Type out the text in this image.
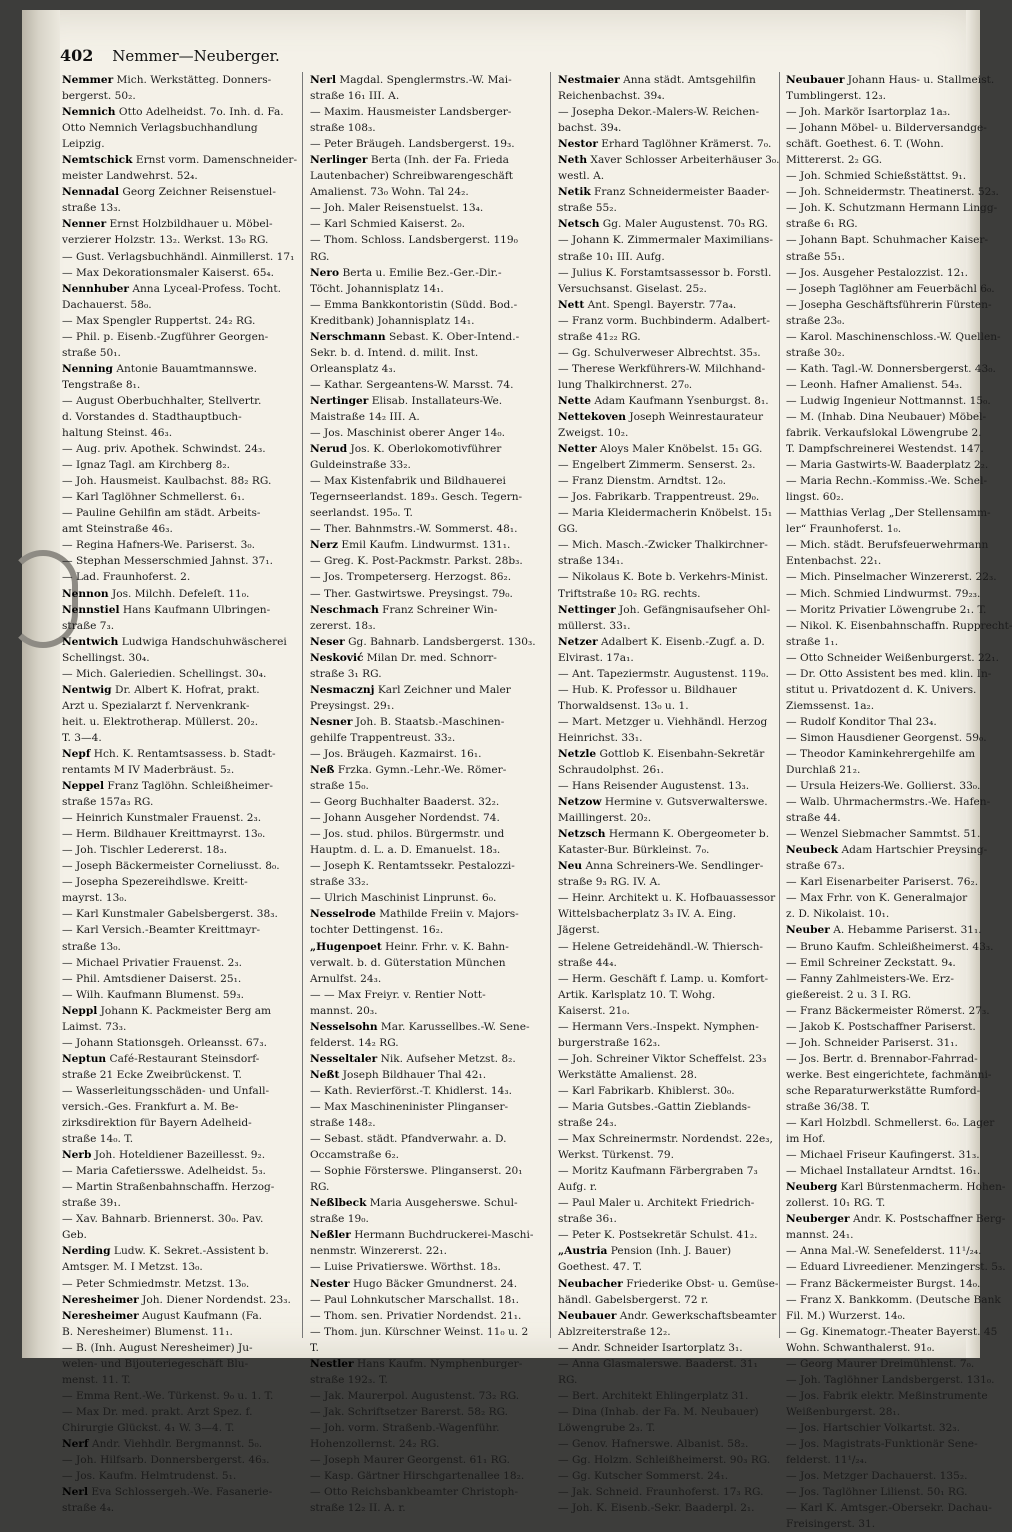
402 Nemmer—Neuberger.
Nemmer Mich. Werkstätteg. Donners-
bergerst. 50₂.
Nemnich Otto Adelheidst. 7o. Inh. d. Fa.
Otto Nemnich Verlagsbuchhandlung
Leipzig.
Nemtschick Ernst vorm. Damenschneider-
meister Landwehrst. 52₄.
Nennadal Georg Zeichner Reisenstuel-
straße 13₃.
Nenner Ernst Holzbildhauer u. Möbel-
verzierer Holzstr. 13₂. Werkst. 13₀ RG.
— Gust. Verlagsbuchhändl. Ainmillerst. 17₁
— Max Dekorationsmaler Kaiserst. 65₄.
Nennhuber Anna Lyceal-Profess. Tocht.
Dachauerst. 58₀.
— Max Spengler Ruppertst. 24₂ RG.
— Phil. p. Eisenb.-Zugführer Georgen-
straße 50₁.
Nenning Antonie Bauamtmannswe.
Tengstraße 8₁.
— August Oberbuchhalter, Stellvertr.
d. Vorstandes d. Stadthauptbuch-
haltung Steinst. 46₃.
— Aug. priv. Apothek. Schwindst. 24₃.
— Ignaz Tagl. am Kirchberg 8₂.
— Joh. Hausmeist. Kaulbachst. 88₂ RG.
— Karl Taglöhner Schmellerst. 6₁.
— Pauline Gehilfin am städt. Arbeits-
amt Steinstraße 46₃.
— Regina Hafners-We. Pariserst. 3₀.
— Stephan Messerschmied Jahnst. 37₁.
— Lad. Fraunhoferst. 2.
Nennon Jos. Milchh. Defeleſt. 11₀.
Nennstiel Hans Kaufmann Ulbringen-
straße 7₃.
Nentwich Ludwiga Handschuhwäscherei
Schellingst. 30₄.
— Mich. Galeriedien. Schellingst. 30₄.
Nentwig Dr. Albert K. Hofrat, prakt.
Arzt u. Spezialarzt f. Nervenkrank-
heit. u. Elektrotherap. Müllerst. 20₂.
T. 3—4.
Nepf Hch. K. Rentamtsassess. b. Stadt-
rentamts M IV Maderbräust. 5₂.
Neppel Franz Taglöhn. Schleißheimer-
straße 157a₃ RG.
— Heinrich Kunstmaler Frauenst. 2₃.
— Herm. Bildhauer Kreittmayrst. 13₀.
— Joh. Tischler Ledererst. 18₃.
— Joseph Bäckermeister Corneliusst. 8₀.
— Josepha Spezereihdlswe. Kreitt-
mayrst. 13₀.
— Karl Kunstmaler Gabelsbergerst. 38₃.
— Karl Versich.-Beamter Kreittmayr-
straße 13₀.
— Michael Privatier Frauenst. 2₃.
— Phil. Amtsdiener Daiserst. 25₁.
— Wilh. Kaufmann Blumenst. 59₃.
Neppl Johann K. Packmeister Berg am
Laimst. 73₃.
— Johann Stationsgeh. Orleansst. 67₃.
Neptun Café-Restaurant Steinsdorf-
straße 21 Ecke Zweibrückenst. T.
— Wasserleitungsschäden- und Unfall-
versich.-Ges. Frankfurt a. M. Be-
zirksdirektion für Bayern Adelheid-
straße 14₀. T.
Nerb Joh. Hoteldiener Bazeillesst. 9₂.
— Maria Cafetiersswe. Adelheidst. 5₃.
— Martin Straßenbahnschaffn. Herzog-
straße 39₁.
— Xav. Bahnarb. Briennerst. 30₀. Pav.
Geb.
Nerding Ludw. K. Sekret.-Assistent b.
Amtsger. M. I Metzst. 13₀.
— Peter Schmiedmstr. Metzst. 13₀.
Neresheimer Joh. Diener Nordendst. 23₃.
Neresheimer August Kaufmann (Fa.
B. Neresheimer) Blumenst. 11₁.
— B. (Inh. August Neresheimer) Ju-
welen- und Bijouteriegeschäft Blu-
menst. 11. T.
— Emma Rent.-We. Türkenst. 9₀ u. 1. T.
— Max Dr. med. prakt. Arzt Spez. f.
Chirurgie Glückst. 4₁ W. 3—4. T.
Nerf Andr. Viehhdlr. Bergmannst. 5₀.
— Joh. Hilfsarb. Donnersbergerst. 46₃.
— Jos. Kaufm. Helmtrudenst. 5₁.
Nerl Eva Schlossergeh.-We. Fasanerie-
straße 4₄.
Nerl Magdal. Spenglermstrs.-W. Mai-
straße 16₁ III. A.
— Maxim. Hausmeister Landsberger-
straße 108₃.
— Peter Bräugeh. Landsbergerst. 19₃.
Nerlinger Berta (Inh. der Fa. Frieda
Lautenbacher) Schreibwarengeschäft
Amalienst. 73₀ Wohn. Tal 24₂.
— Joh. Maler Reisenstuelst. 13₄.
— Karl Schmied Kaiserst. 2₀.
— Thom. Schloss. Landsbergerst. 119₀
RG.
Nero Berta u. Emilie Bez.-Ger.-Dir.-
Töcht. Johannisplatz 14₁.
— Emma Bankkontoristin (Südd. Bod.-
Kreditbank) Johannisplatz 14₁.
Nerschmann Sebast. K. Ober-Intend.-
Sekr. b. d. Intend. d. milit. Inst.
Orleansplatz 4₃.
— Kathar. Sergeantens-W. Marsst. 74.
Nertinger Elisab. Installateurs-We.
Maistraße 14₂ III. A.
— Jos. Maschinist oberer Anger 14₀.
Nerud Jos. K. Oberlokomotivführer
Guldeinstraße 33₂.
— Max Kistenfabrik und Bildhauerei
Tegernseerlandst. 189₃. Gesch. Tegern-
seerlandst. 195₀. T.
— Ther. Bahnmstrs.-W. Sommerst. 48₁.
Nerz Emil Kaufm. Lindwurmst. 131₁.
— Greg. K. Post-Packmstr. Parkst. 28b₃.
— Jos. Trompeterserg. Herzogst. 86₂.
— Ther. Gastwirtswe. Preysingst. 79₀.
Neschmach Franz Schreiner Win-
zererst. 18₃.
Neser Gg. Bahnarb. Landsbergerst. 130₃.
Nesković Milan Dr. med. Schnorr-
straße 3₁ RG.
Nesmacznj Karl Zeichner und Maler
Preysingst. 29₁.
Nesner Joh. B. Staatsb.-Maschinen-
gehilfe Trappentreust. 33₂.
— Jos. Bräugeh. Kazmairst. 16₁.
Neß Frzka. Gymn.-Lehr.-We. Römer-
straße 15₀.
— Georg Buchhalter Baaderst. 32₂.
— Johann Ausgeher Nordendst. 74.
— Jos. stud. philos. Bürgermstr. und
Hauptm. d. L. a. D. Emanuelst. 18₃.
— Joseph K. Rentamtssekr. Pestalozzi-
straße 33₂.
— Ulrich Maschinist Linprunst. 6₀.
Nesselrode Mathilde Freiin v. Majors-
tochter Dettingenst. 16₂.
„Hugenpoet Heinr. Frhr. v. K. Bahn-
verwalt. b. d. Güterstation München
Arnulfst. 24₃.
— — Max Freiyr. v. Rentier Nott-
mannst. 20₃.
Nesselsohn Mar. Karussellbes.-W. Sene-
felderst. 14₂ RG.
Nesseltaler Nik. Aufseher Metzst. 8₂.
Neßt Joseph Bildhauer Thal 42₁.
— Kath. Revierförst.-T. Khidlerst. 14₃.
— Max Maschineninister Plinganser-
straße 148₂.
— Sebast. städt. Pfandverwahr. a. D.
Occamstraße 6₂.
— Sophie Försterswe. Plinganserst. 20₁
RG.
Neßlbeck Maria Ausgeherswe. Schul-
straße 19₀.
Neßler Hermann Buchdruckerei-Maschi-
nenmstr. Winzererst. 22₁.
— Luise Privatierswe. Wörthst. 18₃.
Nester Hugo Bäcker Gmundnerst. 24.
— Paul Lohnkutscher Marschallst. 18₁.
— Thom. sen. Privatier Nordendst. 21₁.
— Thom. jun. Kürschner Weinst. 11₀ u. 2
T.
Nestler Hans Kaufm. Nymphenburger-
straße 192₃. T.
— Jak. Maurerpol. Augustenst. 73₂ RG.
— Jak. Schriftsetzer Barerst. 58₂ RG.
— Joh. vorm. Straßenb.-Wagenführ.
Hohenzollernst. 24₂ RG.
— Joseph Maurer Georgenst. 61₁ RG.
— Kasp. Gärtner Hirschgartenallee 18₂.
— Otto Reichsbankbeamter Christoph-
straße 12₂ II. A. r.
Nestmaier Anna städt. Amtsgehilfin
Reichenbachst. 39₄.
— Josepha Dekor.-Malers-W. Reichen-
bachst. 39₄.
Nestor Erhard Taglöhner Krämerst. 7₀.
Neth Xaver Schlosser Arbeiterhäuser 3₀.
westl. A.
Netik Franz Schneidermeister Baader-
straße 55₂.
Netsch Gg. Maler Augustenst. 70₃ RG.
— Johann K. Zimmermaler Maximilians-
straße 10₁ III. Aufg.
— Julius K. Forstamtsassessor b. Forstl.
Versuchsanst. Giselast. 25₂.
Nett Ant. Spengl. Bayerstr. 77a₄.
— Franz vorm. Buchbinderm. Adalbert-
straße 41₂₂ RG.
— Gg. Schulverweser Albrechtst. 35₃.
— Therese Werkführers-W. Milchhand-
lung Thalkirchnerst. 27₀.
Nette Adam Kaufmann Ysenburgst. 8₁.
Nettekoven Joseph Weinrestaurateur
Zweigst. 10₂.
Netter Aloys Maler Knöbelst. 15₁ GG.
— Engelbert Zimmerm. Senserst. 2₃.
— Franz Dienstm. Arndtst. 12₀.
— Jos. Fabrikarb. Trappentreust. 29₀.
— Maria Kleidermacherin Knöbelst. 15₁
GG.
— Mich. Masch.-Zwicker Thalkirchner-
straße 134₁.
— Nikolaus K. Bote b. Verkehrs-Minist.
Triftstraße 10₂ RG. rechts.
Nettinger Joh. Gefängnisaufseher Ohl-
müllerst. 33₁.
Netzer Adalbert K. Eisenb.-Zugf. a. D.
Elvirast. 17a₁.
— Ant. Tapeziermstr. Augustenst. 119₀.
— Hub. K. Professor u. Bildhauer
Thorwaldsenst. 13₀ u. 1.
— Mart. Metzger u. Viehhändl. Herzog
Heinrichst. 33₁.
Netzle Gottlob K. Eisenbahn-Sekretär
Schraudolphst. 26₁.
— Hans Reisender Augustenst. 13₃.
Netzow Hermine v. Gutsverwalterswe.
Maillingerst. 20₂.
Netzsch Hermann K. Obergeometer b.
Kataster-Bur. Bürkleinst. 7₀.
Neu Anna Schreiners-We. Sendlinger-
straße 9₃ RG. IV. A.
— Heinr. Architekt u. K. Hofbauassessor
Wittelsbacherplatz 3₃ IV. A. Eing.
Jägerst.
— Helene Getreidehändl.-W. Thiersch-
straße 44₄.
— Herm. Geschäft f. Lamp. u. Komfort-
Artik. Karlsplatz 10. T. Wohg.
Kaiserst. 21₀.
— Hermann Vers.-Inspekt. Nymphen-
burgerstraße 162₃.
— Joh. Schreiner Viktor Scheffelst. 23₃
Werkstätte Amalienst. 28.
— Karl Fabrikarb. Khiblerst. 30₀.
— Maria Gutsbes.-Gattin Zieblands-
straße 24₃.
— Max Schreinermstr. Nordendst. 22e₃,
Werkst. Türkenst. 79.
— Moritz Kaufmann Färbergraben 7₃
Aufg. r.
— Paul Maler u. Architekt Friedrich-
straße 36₁.
— Peter K. Postsekretär Schulst. 41₂.
„Austria Pension (Inh. J. Bauer)
Goethest. 47. T.
Neubacher Friederike Obst- u. Gemüse-
händl. Gabelsbergerst. 72 r.
Neubauer Andr. Gewerkschaftsbeamter
Ablzreiterstraße 12₂.
— Andr. Schneider Isartorplatz 3₁.
— Anna Glasmalerswe. Baaderst. 31₁
RG.
— Bert. Architekt Ehlingerplatz 31.
— Dina (Inhab. der Fa. M. Neubauer)
Löwengrube 2₃. T.
— Genov. Hafnerswe. Albanist. 58₂.
— Gg. Holzm. Schleißheimerst. 90₃ RG.
— Gg. Kutscher Sommerst. 24₁.
— Jak. Schneid. Fraunhoferst. 17₃ RG.
— Joh. K. Eisenb.-Sekr. Baaderpl. 2₁.
Neubauer Johann Haus- u. Stallmeist.
Tumblingerst. 12₃.
— Joh. Markör Isartorplaz 1a₃.
— Johann Möbel- u. Bilderversandge-
schäft. Goethest. 6. T. (Wohn.
Mittererst. 2₂ GG.
— Joh. Schmied Schießstättst. 9₁.
— Joh. Schneidermstr. Theatinerst. 52₃.
— Joh. K. Schutzmann Hermann Lingg-
straße 6₁ RG.
— Johann Bapt. Schuhmacher Kaiser-
straße 55₁.
— Jos. Ausgeher Pestalozzist. 12₁.
— Joseph Taglöhner am Feuerbächl 6₀.
— Josepha Geschäftsführerin Fürsten-
straße 23₀.
— Karol. Maschinenschloss.-W. Quellen-
straße 30₂.
— Kath. Tagl.-W. Donnersbergerst. 43₀.
— Leonh. Hafner Amalienst. 54₃.
— Ludwig Ingenieur Nottmannst. 15₀.
— M. (Inhab. Dina Neubauer) Möbel-
fabrik. Verkaufslokal Löwengrube 2.
T. Dampfschreinerei Westendst. 147.
— Maria Gastwirts-W. Baaderplatz 2₂.
— Maria Rechn.-Kommiss.-We. Schel-
lingst. 60₂.
— Matthias Verlag „Der Stellensamm-
ler“ Fraunhoferst. 1₀.
— Mich. städt. Berufsfeuerwehrmann
Entenbachst. 22₁.
— Mich. Pinselmacher Winzererst. 22₃.
— Mich. Schmied Lindwurmst. 79₂₃.
— Moritz Privatier Löwengrube 2₁. T.
— Nikol. K. Eisenbahnschaffn. Rupprecht-
straße 1₁.
— Otto Schneider Weißenburgerst. 22₁.
— Dr. Otto Assistent bes med. klin. In-
stitut u. Privatdozent d. K. Univers.
Ziemssenst. 1a₂.
— Rudolf Konditor Thal 23₄.
— Simon Hausdiener Georgenst. 59₀.
— Theodor Kaminkehrergehilfe am
Durchlaß 21₂.
— Ursula Heizers-We. Gollierst. 33₀.
— Walb. Uhrmachermstrs.-We. Hafen-
straße 44.
— Wenzel Siebmacher Sammtst. 51.
Neubeck Adam Hartschier Preysing-
straße 67₃.
— Karl Eisenarbeiter Pariserst. 76₂.
— Max Frhr. von K. Generalmajor
z. D. Nikolaist. 10₁.
Neuber A. Hebamme Pariserst. 31₁.
— Bruno Kaufm. Schleißheimerst. 43₃.
— Emil Schreiner Zeckstatt. 9₄.
— Fanny Zahlmeisters-We. Erz-
gießereist. 2 u. 3 I. RG.
— Franz Bäckermeister Römerst. 27₃.
— Jakob K. Postschaffner Pariserst.
— Joh. Schneider Pariserst. 31₁.
— Jos. Bertr. d. Brennabor-Fahrrad-
werke. Best eingerichtete, fachmänni-
sche Reparaturwerkstätte Rumford-
straße 36/38. T.
— Karl Holzbdl. Schmellerst. 6₀. Lager
im Hof.
— Michael Friseur Kaufingerst. 31₃.
— Michael Installateur Arndtst. 16₁.
Neuberg Karl Bürstenmacherm. Hohen-
zollerst. 10₁ RG. T.
Neuberger Andr. K. Postschaffner Berg-
mannst. 24₁.
— Anna Mal.-W. Senefelderst. 11¹/₂₄.
— Eduard Livreediener. Menzingerst. 5₃.
— Franz Bäckermeister Burgst. 14₀.
— Franz X. Bankkomm. (Deutsche Bank
Fil. M.) Wurzerst. 14₀.
— Gg. Kinematogr.-Theater Bayerst. 45
Wohn. Schwanthalerst. 91₀.
— Georg Maurer Dreimühlenst. 7₀.
— Joh. Taglöhner Landsbergerst. 131₀.
— Jos. Fabrik elektr. Meßinstrumente
Weißenburgerst. 28₁.
— Jos. Hartschier Volkartst. 32₃.
— Jos. Magistrats-Funktionär Sene-
felderst. 11¹/₂₄.
— Jos. Metzger Dachauerst. 135₂.
— Jos. Taglöhner Lilienst. 50₁ RG.
— Karl K. Amtsger.-Obersekr. Dachau-
Freisingerst. 31.
